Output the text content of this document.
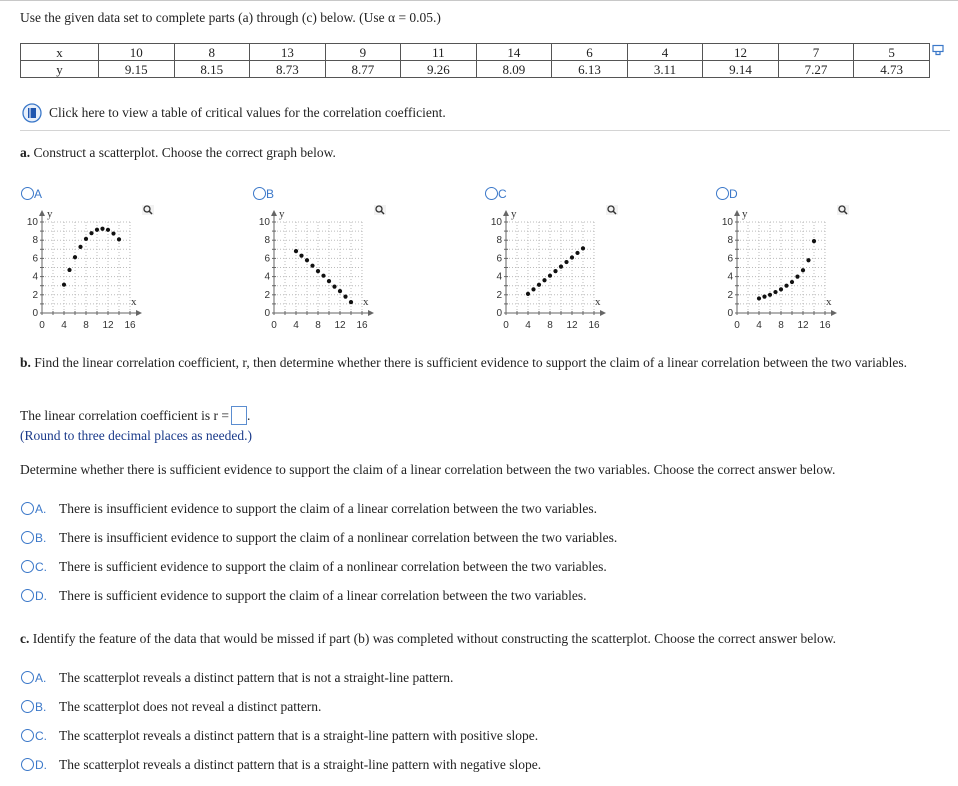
Use the given data set to complete parts (a) through (c) below. (Use α = 0.05.)
x	10	8	13	9	11	14	6	4	12	7	5
y	9.15	8.15	8.73	8.77	9.26	8.09	6.13	3.11	9.14	7.27	4.73
Click here to view a table of critical values for the correlation coefficient.
a. Construct a scatterplot. Choose the correct graph below.
A
0 4 8 12 16
10
8
6
4
2
0
y
x
B
0 4 8 12 16
10
8
6
4
2
0
y
x
C
0 4 8 12 16
10
8
6
4
2
0
y
x
D
0 4 8 12 16
10
8
6
4
2
0
y
x
b. Find the linear correlation coefficient, r, then determine whether there is sufficient evidence to support the claim of a linear correlation between the two variables.
The linear correlation coefficient is r = .
(Round to three decimal places as needed.)
Determine whether there is sufficient evidence to support the claim of a linear correlation between the two variables. Choose the correct answer below.
A. There is insufficient evidence to support the claim of a linear correlation between the two variables.
B. There is insufficient evidence to support the claim of a nonlinear correlation between the two variables.
C. There is sufficient evidence to support the claim of a nonlinear correlation between the two variables.
D. There is sufficient evidence to support the claim of a linear correlation between the two variables.
c. Identify the feature of the data that would be missed if part (b) was completed without constructing the scatterplot. Choose the correct answer below.
A. The scatterplot reveals a distinct pattern that is not a straight-line pattern.
B. The scatterplot does not reveal a distinct pattern.
C. The scatterplot reveals a distinct pattern that is a straight-line pattern with positive slope.
D. The scatterplot reveals a distinct pattern that is a straight-line pattern with negative slope.
